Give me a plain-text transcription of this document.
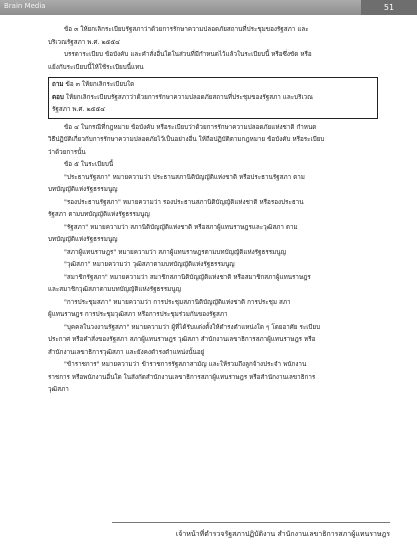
Brain Media	51
ข้อ ๓ ให้ยกเลิกระเบียบรัฐสภาว่าด้วยการรักษาความปลอดภัยสถานที่ประชุมของรัฐสภา และ
บริเวณรัฐสภา พ.ศ. ๒๕๕๔
บรรดาระเบียบ ข้อบังคับ และคำสั่งอื่นใดในส่วนที่มีกำหนดไว้แล้วในระเบียบนี้ หรือซึ่งขัด หรือ
แย้งกับระเบียบนี้ให้ใช้ระเบียบนี้แทน
ถาม ข้อ ๓ ให้ยกเลิกระเบียบใด
ตอบ ให้ยกเลิกระเบียบรัฐสภาว่าด้วยการรักษาความปลอดภัยสถานที่ประชุมของรัฐสภา และบริเวณ
รัฐสภา พ.ศ. ๒๕๕๔
ข้อ ๔ ในกรณีที่กฎหมาย ข้อบังคับ หรือระเบียบว่าด้วยการรักษาความปลอดภัยแห่งชาติ กำหนด
วิธีปฏิบัติเกี่ยวกับการรักษาความปลอดภัยไว้เป็นอย่างอื่น ให้ถือปฏิบัติตามกฎหมาย ข้อบังคับ หรือระเบียบ
ว่าด้วยการนั้น
ข้อ ๕ ในระเบียบนี้
"ประธานรัฐสภา" หมายความว่า ประธานสภานิติบัญญัติแห่งชาติ หรือประธานรัฐสภา ตาม
บทบัญญัติแห่งรัฐธรรมนูญ
"รองประธานรัฐสภา" หมายความว่า รองประธานสภานิติบัญญัติแห่งชาติ หรือรองประธาน
รัฐสภา ตามบทบัญญัติแห่งรัฐธรรมนูญ
"รัฐสภา" หมายความว่า สภานิติบัญญัติแห่งชาติ หรือสภาผู้แทนราษฎรและวุฒิสภา ตาม
บทบัญญัติแห่งรัฐธรรมนูญ
"สภาผู้แทนราษฎร" หมายความว่า สภาผู้แทนราษฎรตามบทบัญญัติแห่งรัฐธรรมนูญ
"วุฒิสภา" หมายความว่า วุฒิสภาตามบทบัญญัติแห่งรัฐธรรมนูญ
"สมาชิกรัฐสภา" หมายความว่า สมาชิกสภานิติบัญญัติแห่งชาติ หรือสมาชิกสภาผู้แทนราษฎร
และสมาชิกวุฒิสภาตามบทบัญญัติแห่งรัฐธรรมนูญ
"การประชุมสภา" หมายความว่า การประชุมสภานิติบัญญัติแห่งชาติ การประชุม สภา
ผู้แทนราษฎร การประชุมวุฒิสภา หรือการประชุมร่วมกันของรัฐสภา
"บุคคลในวงงานรัฐสภา" หมายความว่า ผู้ที่ได้รับแต่งตั้งให้ดำรงตำแหน่งใด ๆ โดยอาศัย ระเบียบ
ประกาศ หรือคำสั่งของรัฐสภา สภาผู้แทนราษฎร วุฒิสภา สำนักงานเลขาธิการสภาผู้แทนราษฎร หรือ
สำนักงานเลขาธิการวุฒิสภา และยังคงดำรงตำแหน่งนั้นอยู่
"ข้าราชการ" หมายความว่า ข้าราชการรัฐสภาสามัญ และให้รวมถึงลูกจ้างประจำ พนักงาน
ราชการ หรือพนักงานอื่นใด ในสังกัดสำนักงานเลขาธิการสภาผู้แทนราษฎร หรือสำนักงานเลขาธิการ
วุฒิสภา
เจ้าหน้าที่ตำรวจรัฐสภาปฏิบัติงาน สำนักงานเลขาธิการสภาผู้แทนราษฎร
